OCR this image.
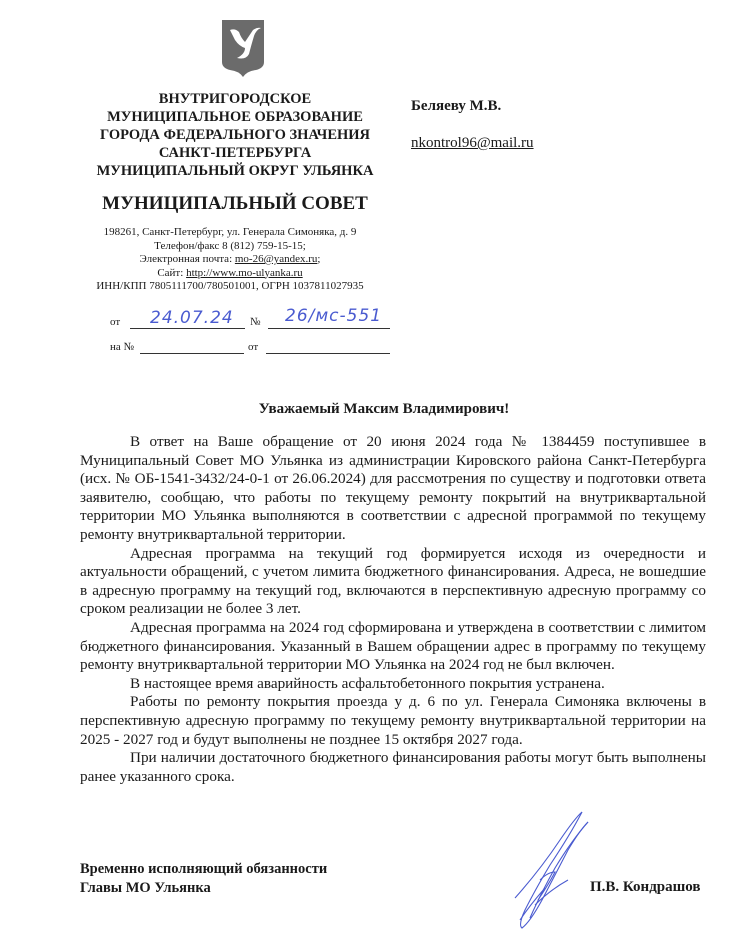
ВНУТРИГОРОДСКОЕ
МУНИЦИПАЛЬНОЕ ОБРАЗОВАНИЕ
ГОРОДА ФЕДЕРАЛЬНОГО ЗНАЧЕНИЯ
САНКТ-ПЕТЕРБУРГА
МУНИЦИПАЛЬНЫЙ ОКРУГ УЛЬЯНКА
МУНИЦИПАЛЬНЫЙ СОВЕТ
198261, Санкт-Петербург, ул. Генерала Симоняка, д. 9
Телефон/факс 8 (812) 759-15-15;
Электронная почта: mo-26@yandex.ru;
Сайт: http://www.mo-ulyanka.ru
ИНН/КПП 7805111700/780501001, ОГРН 1037811027935
от 24.07.24 № 26/мс-551
на №	от
Беляеву М.В.
nkontrol96@mail.ru
Уважаемый Максим Владимирович!

В ответ на Ваше обращение от 20 июня 2024 года № 1384459 поступившее в Муниципальный Совет МО Ульянка из администрации Кировского района Санкт-Петербурга (исх. № ОБ-1541-3432/24-0-1 от 26.06.2024) для рассмотрения по существу и подготовки ответа заявителю, сообщаю, что работы по текущему ремонту покрытий на внутриквартальной территории МО Ульянка выполняются в соответствии с адресной программой по текущему ремонту внутриквартальной территории.

Адресная программа на текущий год формируется исходя из очередности и актуальности обращений, с учетом лимита бюджетного финансирования. Адреса, не вошедшие в адресную программу на текущий год, включаются в перспективную адресную программу со сроком реализации не более 3 лет.

Адресная программа на 2024 год сформирована и утверждена в соответствии с лимитом бюджетного финансирования. Указанный в Вашем обращении адрес в программу по текущему ремонту внутриквартальной территории МО Ульянка на 2024 год не был включен.

В настоящее время аварийность асфальтобетонного покрытия устранена.

Работы по ремонту покрытия проезда у д. 6 по ул. Генерала Симоняка включены в перспективную адресную программу по текущему ремонту внутриквартальной территории на 2025 - 2027 год и будут выполнены не позднее 15 октября 2027 года.

При наличии достаточного бюджетного финансирования работы могут быть выполнены ранее указанного срока.

Временно исполняющий обязанности
Главы МО Ульянка	П.В. Кондрашов
